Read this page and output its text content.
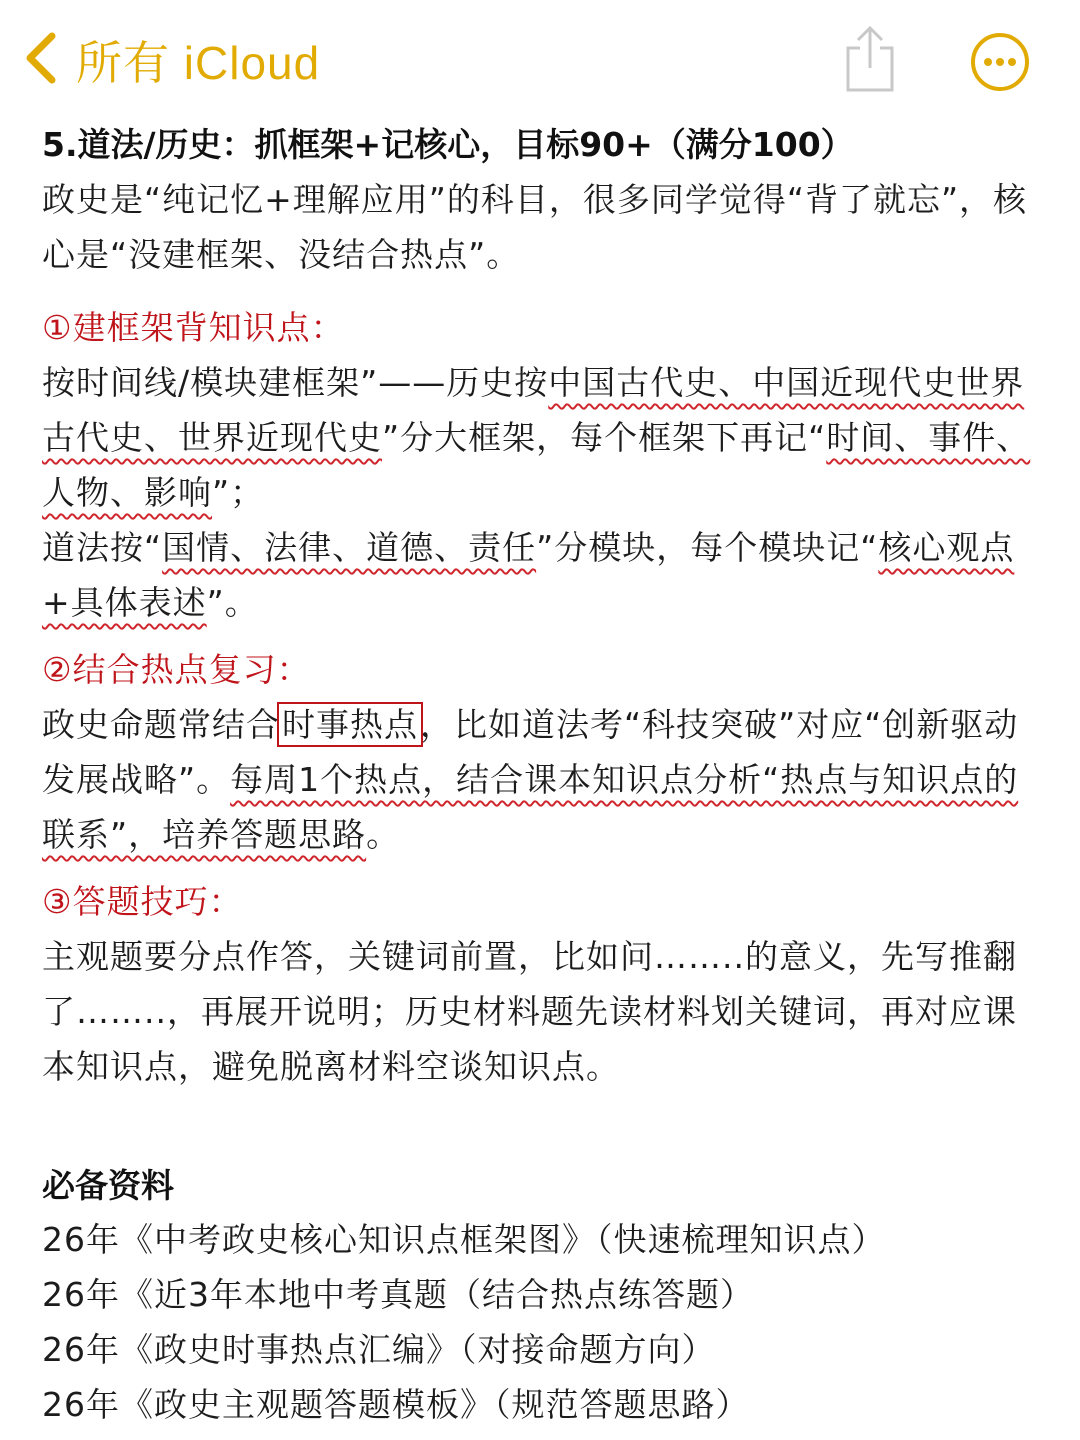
所有 iCloud

5.道法/历史：抓框架+记核心，目标90+（满分100）

政史是“纯记忆+理解应用”的科目，很多同学觉得“背了就忘”，核心是“没建框架、没结合热点”。

①建框架背知识点：

按时间线/模块建框架”——历史按中国古代史、中国近现代史世界古代史、世界近现代史”分大框架，每个框架下再记“时间、事件、人物、影响”；

道法按“国情、法律、道德、责任”分模块，每个模块记“核心观点+具体表述”。

②结合热点复习：

政史命题常结合时事热点，比如道法考“科技突破”对应“创新驱动发展战略”。每周1个热点，结合课本知识点分析“热点与知识点的联系”，培养答题思路。

③答题技巧：

主观题要分点作答，关键词前置，比如问……..的意义，先写推翻了……..，再展开说明；历史材料题先读材料划关键词，再对应课本知识点，避免脱离材料空谈知识点。

必备资料

26年《中考政史核心知识点框架图》（快速梳理知识点）

26年《近3年本地中考真题（结合热点练答题）

26年《政史时事热点汇编》（对接命题方向）

26年《政史主观题答题模板》（规范答题思路）
